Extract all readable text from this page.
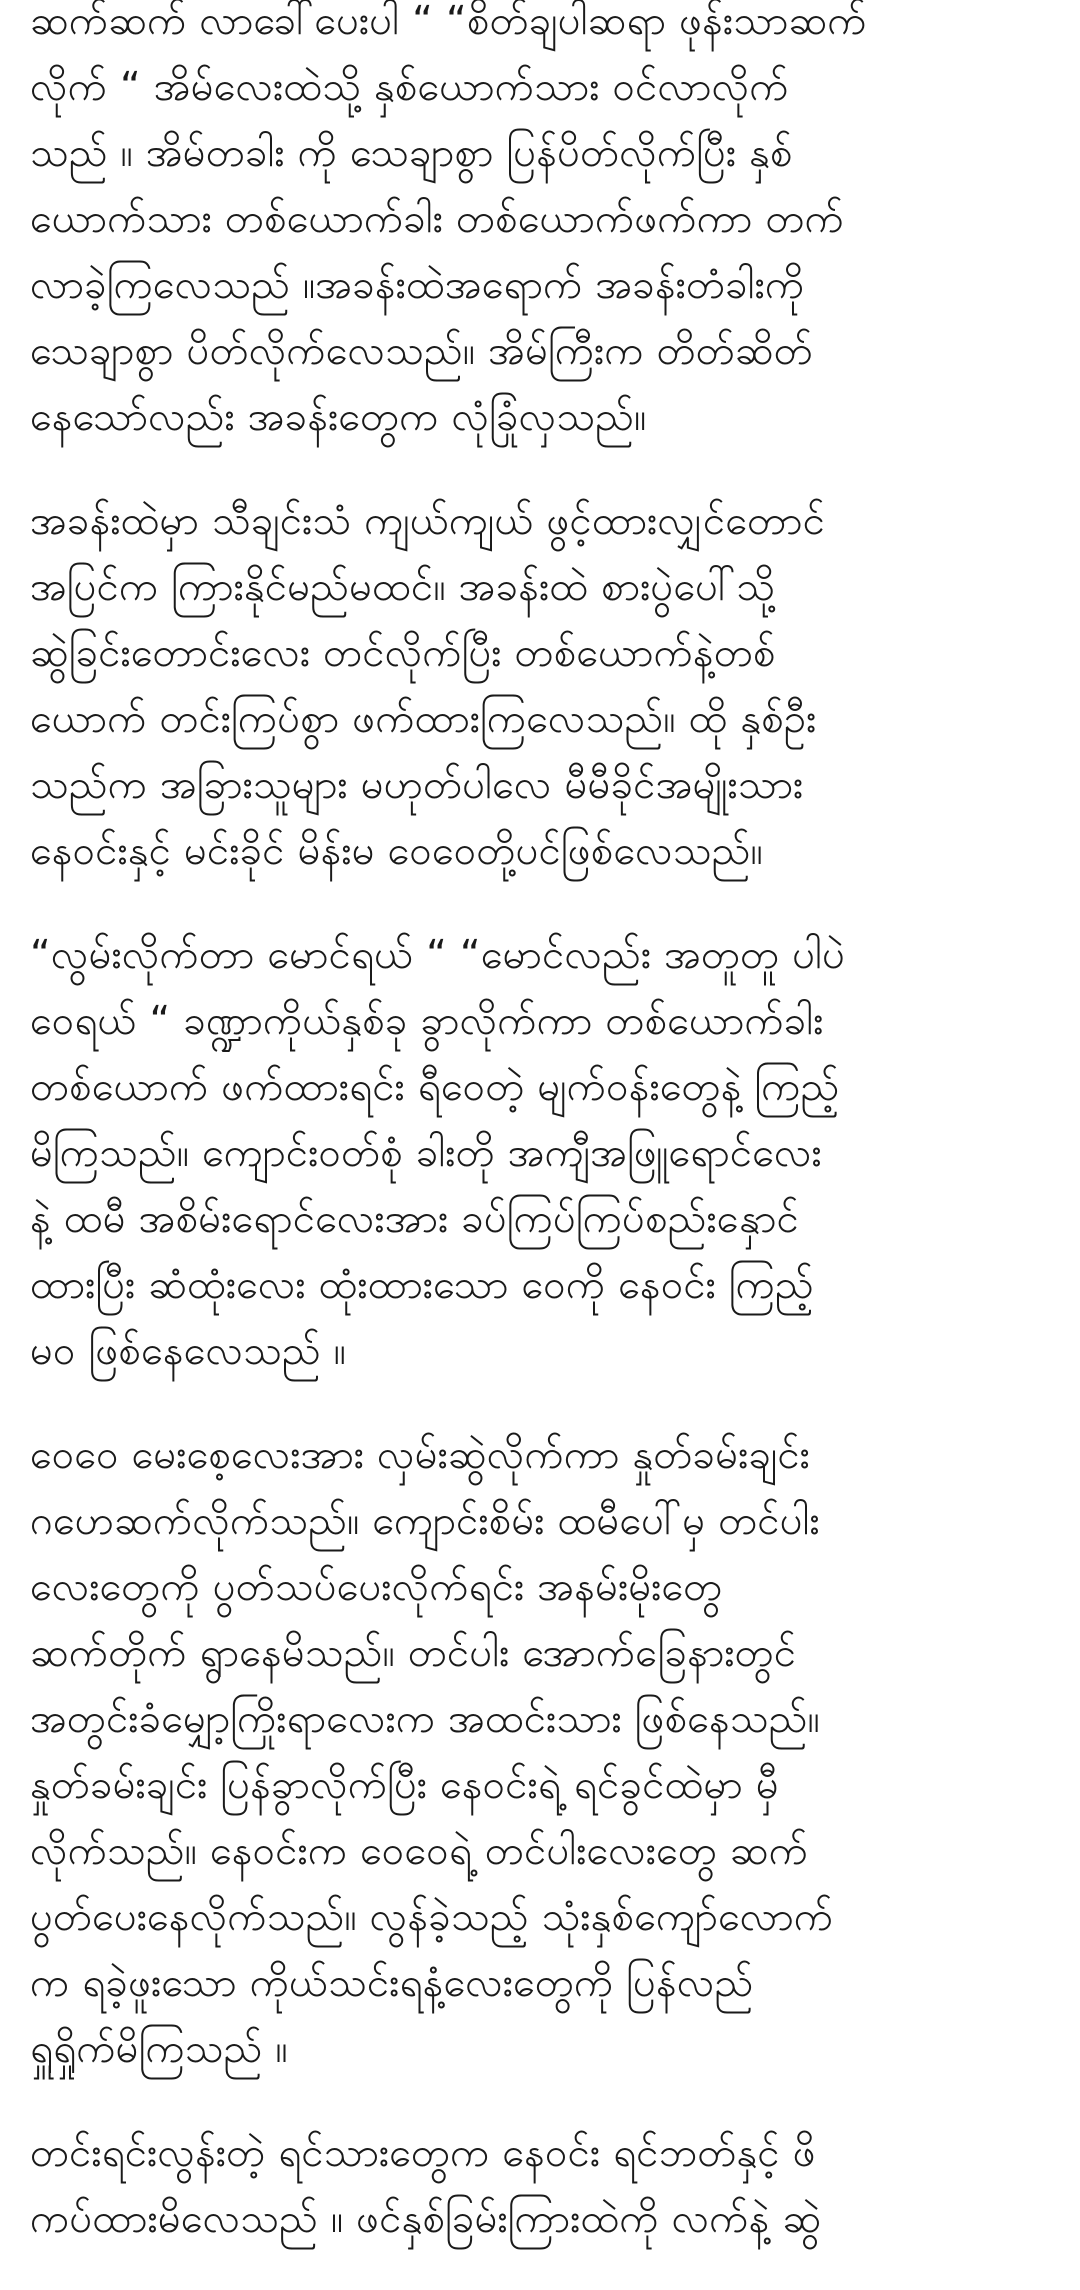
ဆက်ဆက် လာခေါ်ပေးပါ “ “စိတ်ချပါဆရာ ဖုန်းသာဆက်
လိုက် “ အိမ်လေးထဲသို့ နှစ်ယောက်သား ဝင်လာလိုက်
သည် ။ အိမ်တခါး ကို သေချာစွာ ပြန်ပိတ်လိုက်ပြီး နှစ်
ယောက်သား တစ်ယောက်ခါး တစ်ယောက်ဖက်ကာ တက်
လာခဲ့ကြလေသည် ။အခန်းထဲအရောက် အခန်းတံခါးကို
သေချာစွာ ပိတ်လိုက်လေသည်။ အိမ်ကြီးက တိတ်ဆိတ်
နေသော်လည်း အခန်းတွေက လုံခြုံလှသည်။
အခန်းထဲမှာ သီချင်းသံ ကျယ်ကျယ် ဖွင့်ထားလျှင်တောင်
အပြင်က ကြားနိုင်မည်မထင်။ အခန်းထဲ စားပွဲပေါ်သို့
ဆွဲခြင်းတောင်းလေး တင်လိုက်ပြီး တစ်ယောက်နဲ့တစ်
ယောက် တင်းကြပ်စွာ ဖက်ထားကြလေသည်။ ထို နှစ်ဦး
သည်က အခြားသူများ မဟုတ်ပါလေ မီမီခိုင်အမျိုးသား
နေဝင်းနှင့် မင်းခိုင် မိန်းမ ဝေဝေတို့ပင်ဖြစ်လေသည်။
“လွမ်းလိုက်တာ မောင်ရယ် “ “မောင်လည်း အတူတူ ပါပဲ
ဝေရယ် “ ခဏ္ဍာကိုယ်နှစ်ခု ခွာလိုက်ကာ တစ်ယောက်ခါး
တစ်ယောက် ဖက်ထားရင်း ရီဝေတဲ့ မျက်ဝန်းတွေနဲ့ ကြည့်
မိကြသည်။ ကျောင်းဝတ်စုံ ခါးတို အကျီအဖြူရောင်လေး
နဲ့ ထမီ အစိမ်းရောင်လေးအား ခပ်ကြပ်ကြပ်စည်းနှောင်
ထားပြီး ဆံထုံးလေး ထုံးထားသော ဝေကို နေဝင်း ကြည့်
မဝ ဖြစ်နေလေသည် ။
ဝေဝေ မေးစေ့လေးအား လှမ်းဆွဲလိုက်ကာ နှုတ်ခမ်းချင်း
ဂဟေဆက်လိုက်သည်။ ကျောင်းစိမ်း ထမီပေါ်မှ တင်ပါး
လေးတွေကို ပွတ်သပ်ပေးလိုက်ရင်း အနမ်းမိုးတွေ
ဆက်တိုက် ရွာနေမိသည်။ တင်ပါး အောက်ခြေနားတွင်
အတွင်းခံမျှော့ကြိုးရာလေးက အထင်းသား ဖြစ်နေသည်။
နှုတ်ခမ်းချင်း ပြန်ခွာလိုက်ပြီး နေဝင်းရဲ့ ရင်ခွင်ထဲမှာ မှီ
လိုက်သည်။ နေဝင်းက ဝေဝေရဲ့ တင်ပါးလေးတွေ ဆက်
ပွတ်ပေးနေလိုက်သည်။ လွန်ခဲ့သည့် သုံးနှစ်ကျော်လောက်
က ရခဲ့ဖူးသော ကိုယ်သင်းရနံ့လေးတွေကို ပြန်လည်
ရှူရှိုက်မိကြသည် ။
တင်းရင်းလွန်းတဲ့ ရင်သားတွေက နေဝင်း ရင်ဘတ်နှင့် ဖိ
ကပ်ထားမိလေသည် ။ ဖင်နှစ်ခြမ်းကြားထဲကို လက်နဲ့ ဆွဲ
